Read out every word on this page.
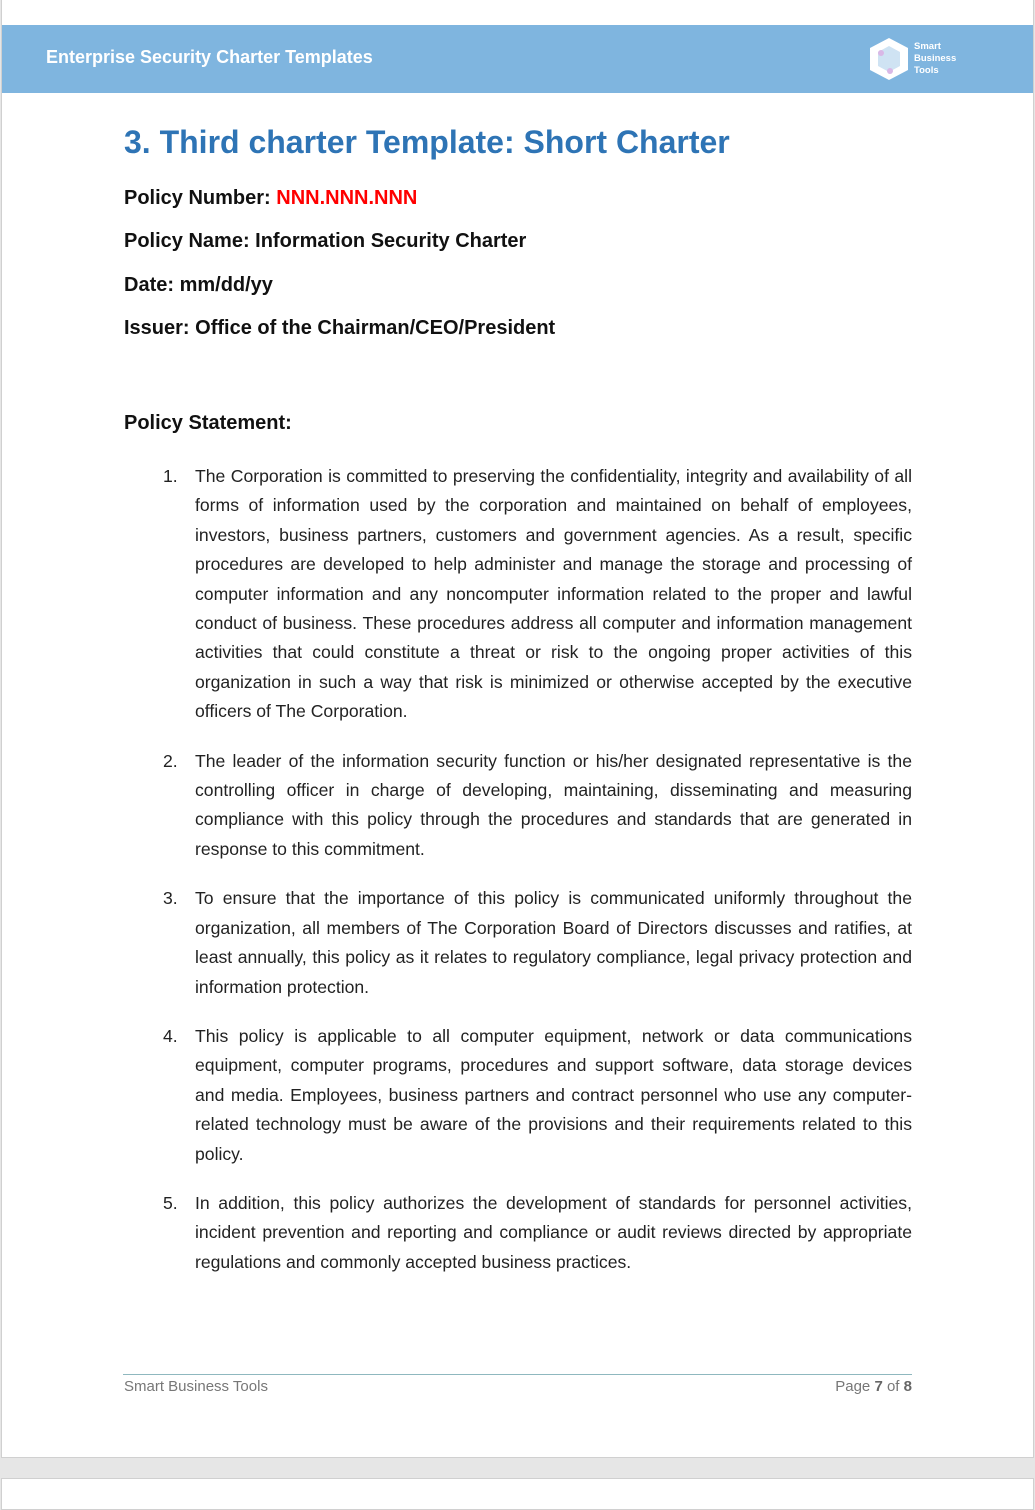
Enterprise Security Charter Templates
Smart
Business
Tools
3. Third charter Template: Short Charter
Policy Number: NNN.NNN.NNN
Policy Name: Information Security Charter
Date: mm/dd/yy
Issuer: Office of the Chairman/CEO/President
Policy Statement:
1. The Corporation is committed to preserving the confidentiality, integrity and availability of all forms of information used by the corporation and maintained on behalf of employees, investors, business partners, customers and government agencies. As a result, specific procedures are developed to help administer and manage the storage and processing of computer information and any noncomputer information related to the proper and lawful conduct of business. These procedures address all computer and information management activities that could constitute a threat or risk to the ongoing proper activities of this organization in such a way that risk is minimized or otherwise accepted by the executive officers of The Corporation.
2. The leader of the information security function or his/her designated representative is the controlling officer in charge of developing, maintaining, disseminating and measuring compliance with this policy through the procedures and standards that are generated in response to this commitment.
3. To ensure that the importance of this policy is communicated uniformly throughout the organization, all members of The Corporation Board of Directors discusses and ratifies, at least annually, this policy as it relates to regulatory compliance, legal privacy protection and information protection.
4. This policy is applicable to all computer equipment, network or data communications equipment, computer programs, procedures and support software, data storage devices and media. Employees, business partners and contract personnel who use any computer-related technology must be aware of the provisions and their requirements related to this policy.
5. In addition, this policy authorizes the development of standards for personnel activities, incident prevention and reporting and compliance or audit reviews directed by appropriate regulations and commonly accepted business practices.
Smart Business Tools	Page 7 of 8
